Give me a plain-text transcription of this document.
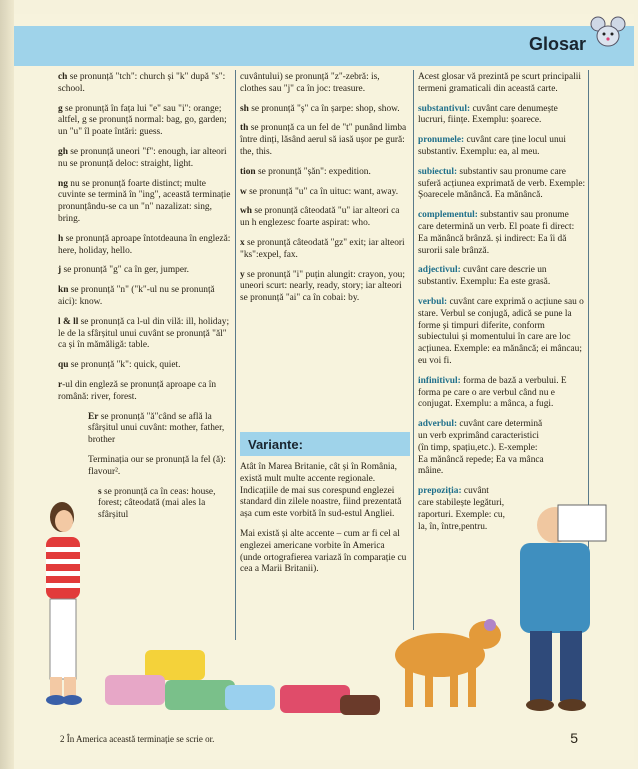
Glosar

ch se pronunță "tch": church și "k" după "s": school.

g se pronunță în fața lui "e" sau "i": orange; altfel, g se pronunță normal: bag, go, garden; un "u" îl poate întări: guess.

gh se pronunță uneori "f": enough, iar alteori nu se pronunță deloc: straight, light.

ng nu se pronunță foarte distinct; multe cuvinte se termină în "ing", această terminație pronunțându-se ca un "n" nazalizat: sing, bring.

h se pronunță aproape întotdeauna în engleză: here, holiday, hello.

j se pronunță "g" ca în ger, jumper.

kn se pronunță "n" ("k"-ul nu se pronunță aici): know.

l & ll se pronunță ca l-ul din vilă: ill, holiday; le de la sfârșitul unui cuvânt se pronunță "ăl" ca și în mămăligă: table.

qu se pronunță "k": quick, quiet.

r-ul din engleză se pronunță aproape ca în română: river, forest.

Er se pronunță "ă"când se află la sfârșitul unui cuvânt: mother, father, brother

Terminația our se pronunță la fel (ă): flavour².

s se pronunță ca în ceas: house, forest; câteodată (mai ales la sfârșitul

cuvântului) se pronunță "z"-zebră: is, clothes sau "j" ca în joc: treasure.

sh se pronunță "ș" ca în șarpe: shop, show.

th se pronunță ca un fel de "t" punând limba între dinți, lăsând aerul să iasă ușor pe gură: the, this.

tion se pronunță "șăn": expedition.

w se pronunță "u" ca în uituc: want, away.

wh se pronunță câteodată "u" iar alteori ca un h englezesc foarte aspirat: who.

x se pronunță câteodată "gz" exit; iar alteori "ks":expel, fax.

y se pronunță "i" puțin alungit: crayon, you; uneori scurt: nearly, ready, story; iar alteori se pronunță "ai" ca în cobai: by.

Variante:

Atât în Marea Britanie, cât și în România, există mult multe accente regionale. Indicațiile de mai sus corespund englezei standard din zilele noastre, fiind prezentată așa cum este vorbită în sud-estul Angliei.

Mai există și alte accente – cum ar fi cel al englezei americane vorbite în America (unde ortografierea variază în comparație cu cea a Marii Britanii).

Acest glosar vă prezintă pe scurt principalii termeni gramaticali din această carte.

substantivul: cuvânt care denumește lucruri, ființe. Exemplu: șoarece.

pronumele: cuvânt care ține locul unui substantiv. Exemplu: ea, al meu.

subiectul: substantiv sau pronume care suferă acțiunea exprimată de verb. Exemple: Șoarecele mănâncă. Ea mănâncă.

complementul: substantiv sau pronume care determină un verb. El poate fi direct: Ea mănâncă brânză. și indirect: Ea îi dă surorii sale brânză.

adjectivul: cuvânt care descrie un substantiv. Exemplu: Ea este grasă.

verbul: cuvânt care exprimă o acțiune sau o stare. Verbul se conjugă, adică se pune la forme și timpuri diferite, conform subiectului și momentului în care are loc acțiunea. Exemple: ea mănâncă; ei mâncau; eu voi fi.

infinitivul: forma de bază a verbului. E forma pe care o are verbul când nu e conjugat. Exemplu: a mânca, a fugi.

adverbul: cuvânt care determină un verb exprimând caracteristici (în timp, spațiu,etc.). E-xemple: Ea mănâncă repede; Ea va mânca mâine.

prepoziția: cuvânt care stabilește legături, raporturi. Exemple: cu, la, în, între,pentru.

2 În America această terminație se scrie or.	5
